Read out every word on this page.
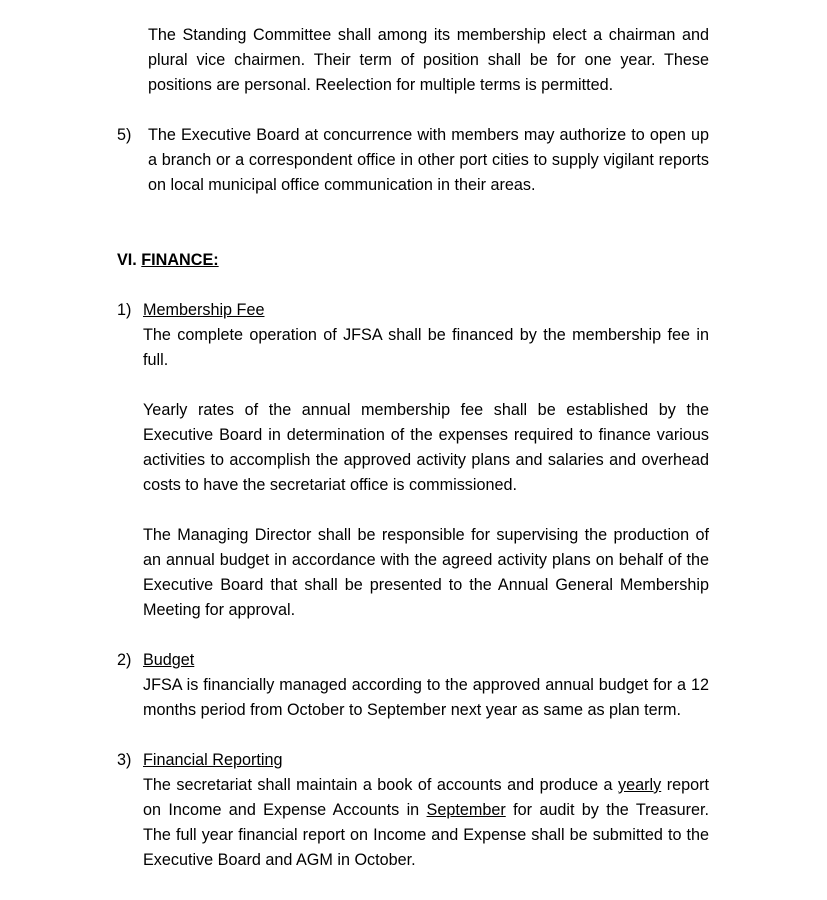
The Standing Committee shall among its membership elect a chairman and plural vice chairmen. Their term of position shall be for one year. These positions are personal. Reelection for multiple terms is permitted.

5) The Executive Board at concurrence with members may authorize to open up a branch or a correspondent office in other port cities to supply vigilant reports on local municipal office communication in their areas.

VI. FINANCE:
1) Membership Fee

The complete operation of JFSA shall be financed by the membership fee in full.

Yearly rates of the annual membership fee shall be established by the Executive Board in determination of the expenses required to finance various activities to accomplish the approved activity plans and salaries and overhead costs to have the secretariat office is commissioned.

The Managing Director shall be responsible for supervising the production of an annual budget in accordance with the agreed activity plans on behalf of the Executive Board that shall be presented to the Annual General Membership Meeting for approval.

2) Budget

JFSA is financially managed according to the approved annual budget for a 12 months period from October to September next year as same as plan term.

3) Financial Reporting

The secretariat shall maintain a book of accounts and produce a yearly report on Income and Expense Accounts in September for audit by the Treasurer. The full year financial report on Income and Expense shall be submitted to the Executive Board and AGM in October.
